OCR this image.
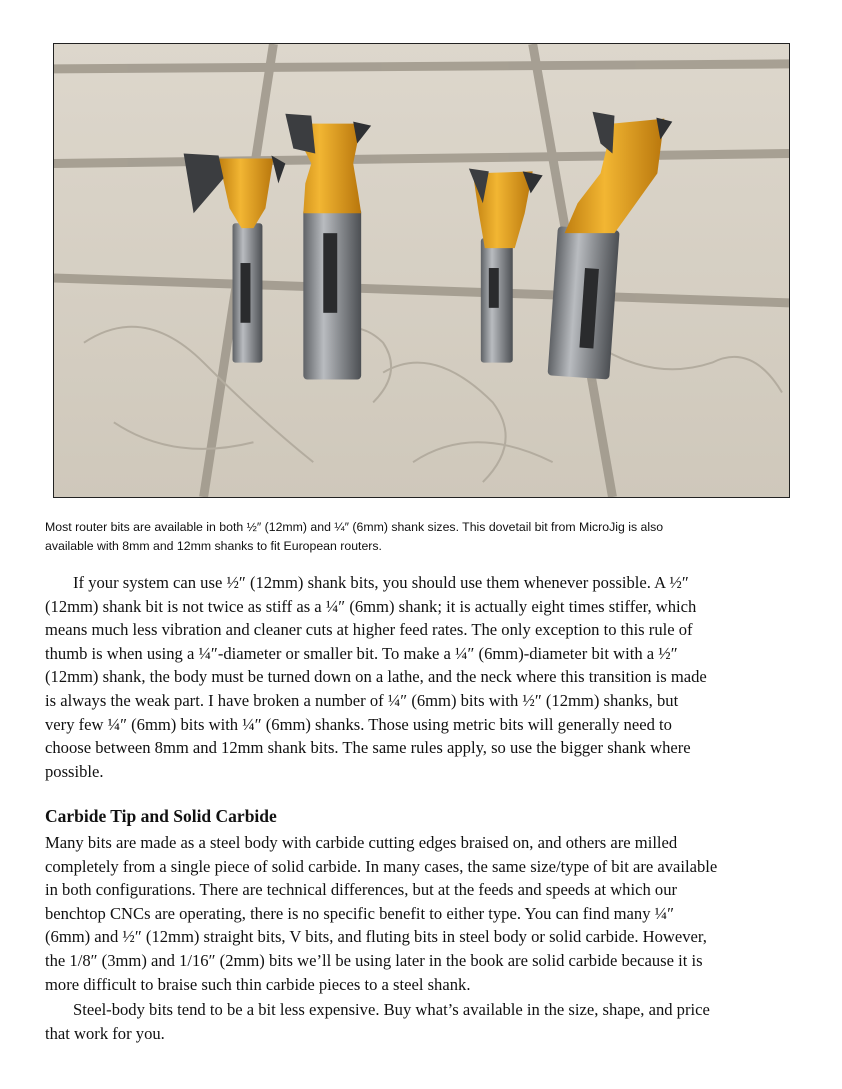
Most router bits are available in both ½″ (12mm) and ¼″ (6mm) shank sizes. This dovetail bit from MicroJig is also

available with 8mm and 12mm shanks to fit European routers.

If your system can use ½″ (12mm) shank bits, you should use them whenever possible. A ½″

(12mm) shank bit is not twice as stiff as a ¼″ (6mm) shank; it is actually eight times stiffer, which

means much less vibration and cleaner cuts at higher feed rates. The only exception to this rule of

thumb is when using a ¼″-diameter or smaller bit. To make a ¼″ (6mm)-diameter bit with a ½″

(12mm) shank, the body must be turned down on a lathe, and the neck where this transition is made

is always the weak part. I have broken a number of ¼″ (6mm) bits with ½″ (12mm) shanks, but

very few ¼″ (6mm) bits with ¼″ (6mm) shanks. Those using metric bits will generally need to

choose between 8mm and 12mm shank bits. The same rules apply, so use the bigger shank where

possible.

Carbide Tip and Solid Carbide

Many bits are made as a steel body with carbide cutting edges braised on, and others are milled

completely from a single piece of solid carbide. In many cases, the same size/type of bit are available

in both configurations. There are technical differences, but at the feeds and speeds at which our

benchtop CNCs are operating, there is no specific benefit to either type. You can find many ¼″

(6mm) and ½″ (12mm) straight bits, V bits, and fluting bits in steel body or solid carbide. However,

the 1/8″ (3mm) and 1/16″ (2mm) bits we’ll be using later in the book are solid carbide because it is

more difficult to braise such thin carbide pieces to a steel shank.

Steel-body bits tend to be a bit less expensive. Buy what’s available in the size, shape, and price

that work for you.
